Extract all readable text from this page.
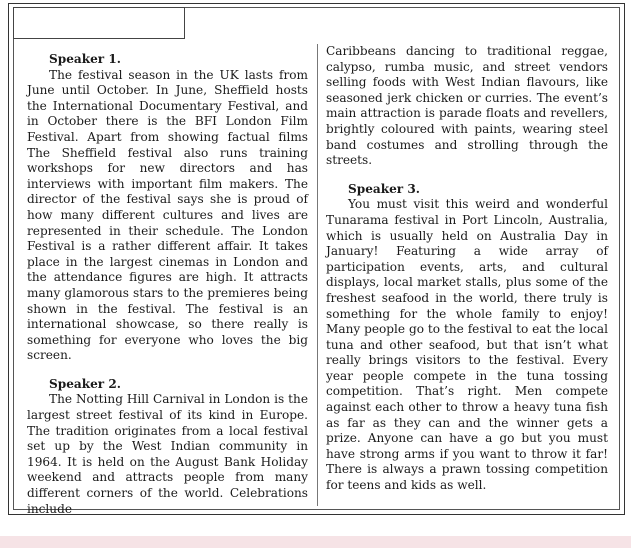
Speaker 1.

The festival season in the UK lasts from June until October. In June, Sheffield hosts the International Documentary Festival, and in October there is the BFI London Film Festival. Apart from showing factual films The Sheffield festival also runs training workshops for new directors and has interviews with important film makers. The director of the festival says she is proud of how many different cultures and lives are represented in their schedule. The London Festival is a rather different affair. It takes place in the largest cinemas in London and the attendance figures are high. It attracts many glamorous stars to the premieres being shown in the festival. The festival is an international showcase, so there really is something for everyone who loves the big screen.

Speaker 2.

The Notting Hill Carnival in London is the largest street festival of its kind in Europe. The tradition originates from a local festival set up by the West Indian community in 1964. It is held on the August Bank Holiday weekend and attracts people from many different corners of the world. Celebrations include

Caribbeans dancing to traditional reggae, calypso, rumba music, and street vendors selling foods with West Indian flavours, like seasoned jerk chicken or curries. The event’s main attraction is parade floats and revellers, brightly coloured with paints, wearing steel band costumes and strolling through the streets.

Speaker 3.

You must visit this weird and wonderful Tunarama festival in Port Lincoln, Australia, which is usually held on Australia Day in January! Featuring a wide array of participation events, arts, and cultural displays, local market stalls, plus some of the freshest seafood in the world, there truly is something for the whole family to enjoy! Many people go to the festival to eat the local tuna and other seafood, but that isn’t what really brings visitors to the festival. Every year people compete in the tuna tossing competition. That’s right. Men compete against each other to throw a heavy tuna fish as far as they can and the winner gets a prize. Anyone can have a go but you must have strong arms if you want to throw it far! There is always a prawn tossing competition for teens and kids as well.
